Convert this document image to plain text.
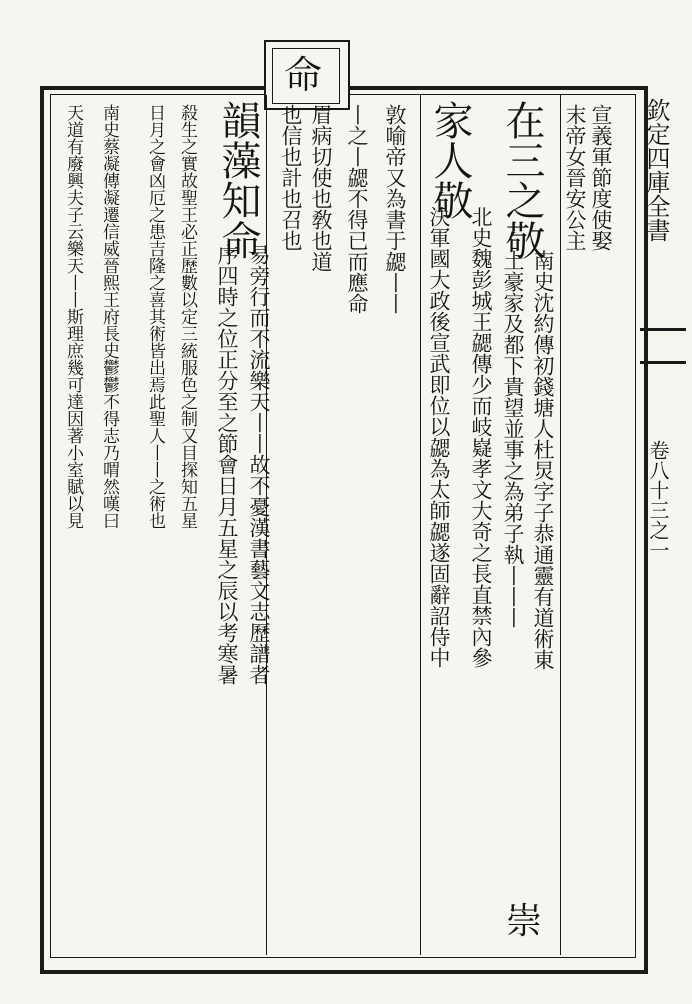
命
欽定四庫全書
卷八十三之一
宣義軍節度使娶
末帝女晉安公主
在三之敬
南史沈約傳初錢塘人杜炅字子恭通靈有道術東
土豪家及都下貴望並事之為弟子執丨丨丨
崇
家人敬
北史魏彭城王勰傳少而岐嶷孝文大奇之長直禁內參
決軍國大政後宣武即位以勰為太師勰遂固辭詔侍中
敦喻帝又為書于勰丨丨
丨之丨勰不得已而應命
眉病切使也敎也道
也信也計也召也
韻藻知命
易旁行而不流樂天丨丨故不憂漢書藝文志歷譜者
序四時之位正分至之節會日月五星之辰以考寒暑
殺生之實故聖王必正歷數以定三統服色之制又目探知五星
日月之會凶厄之患吉隆之喜其術皆出焉此聖人丨丨之術也
南史蔡凝傳凝遷信威晉熙王府長史鬱鬱不得志乃喟然嘆曰
天道有廢興夫子云樂天丨丨斯理庶幾可達因著小室賦以見
